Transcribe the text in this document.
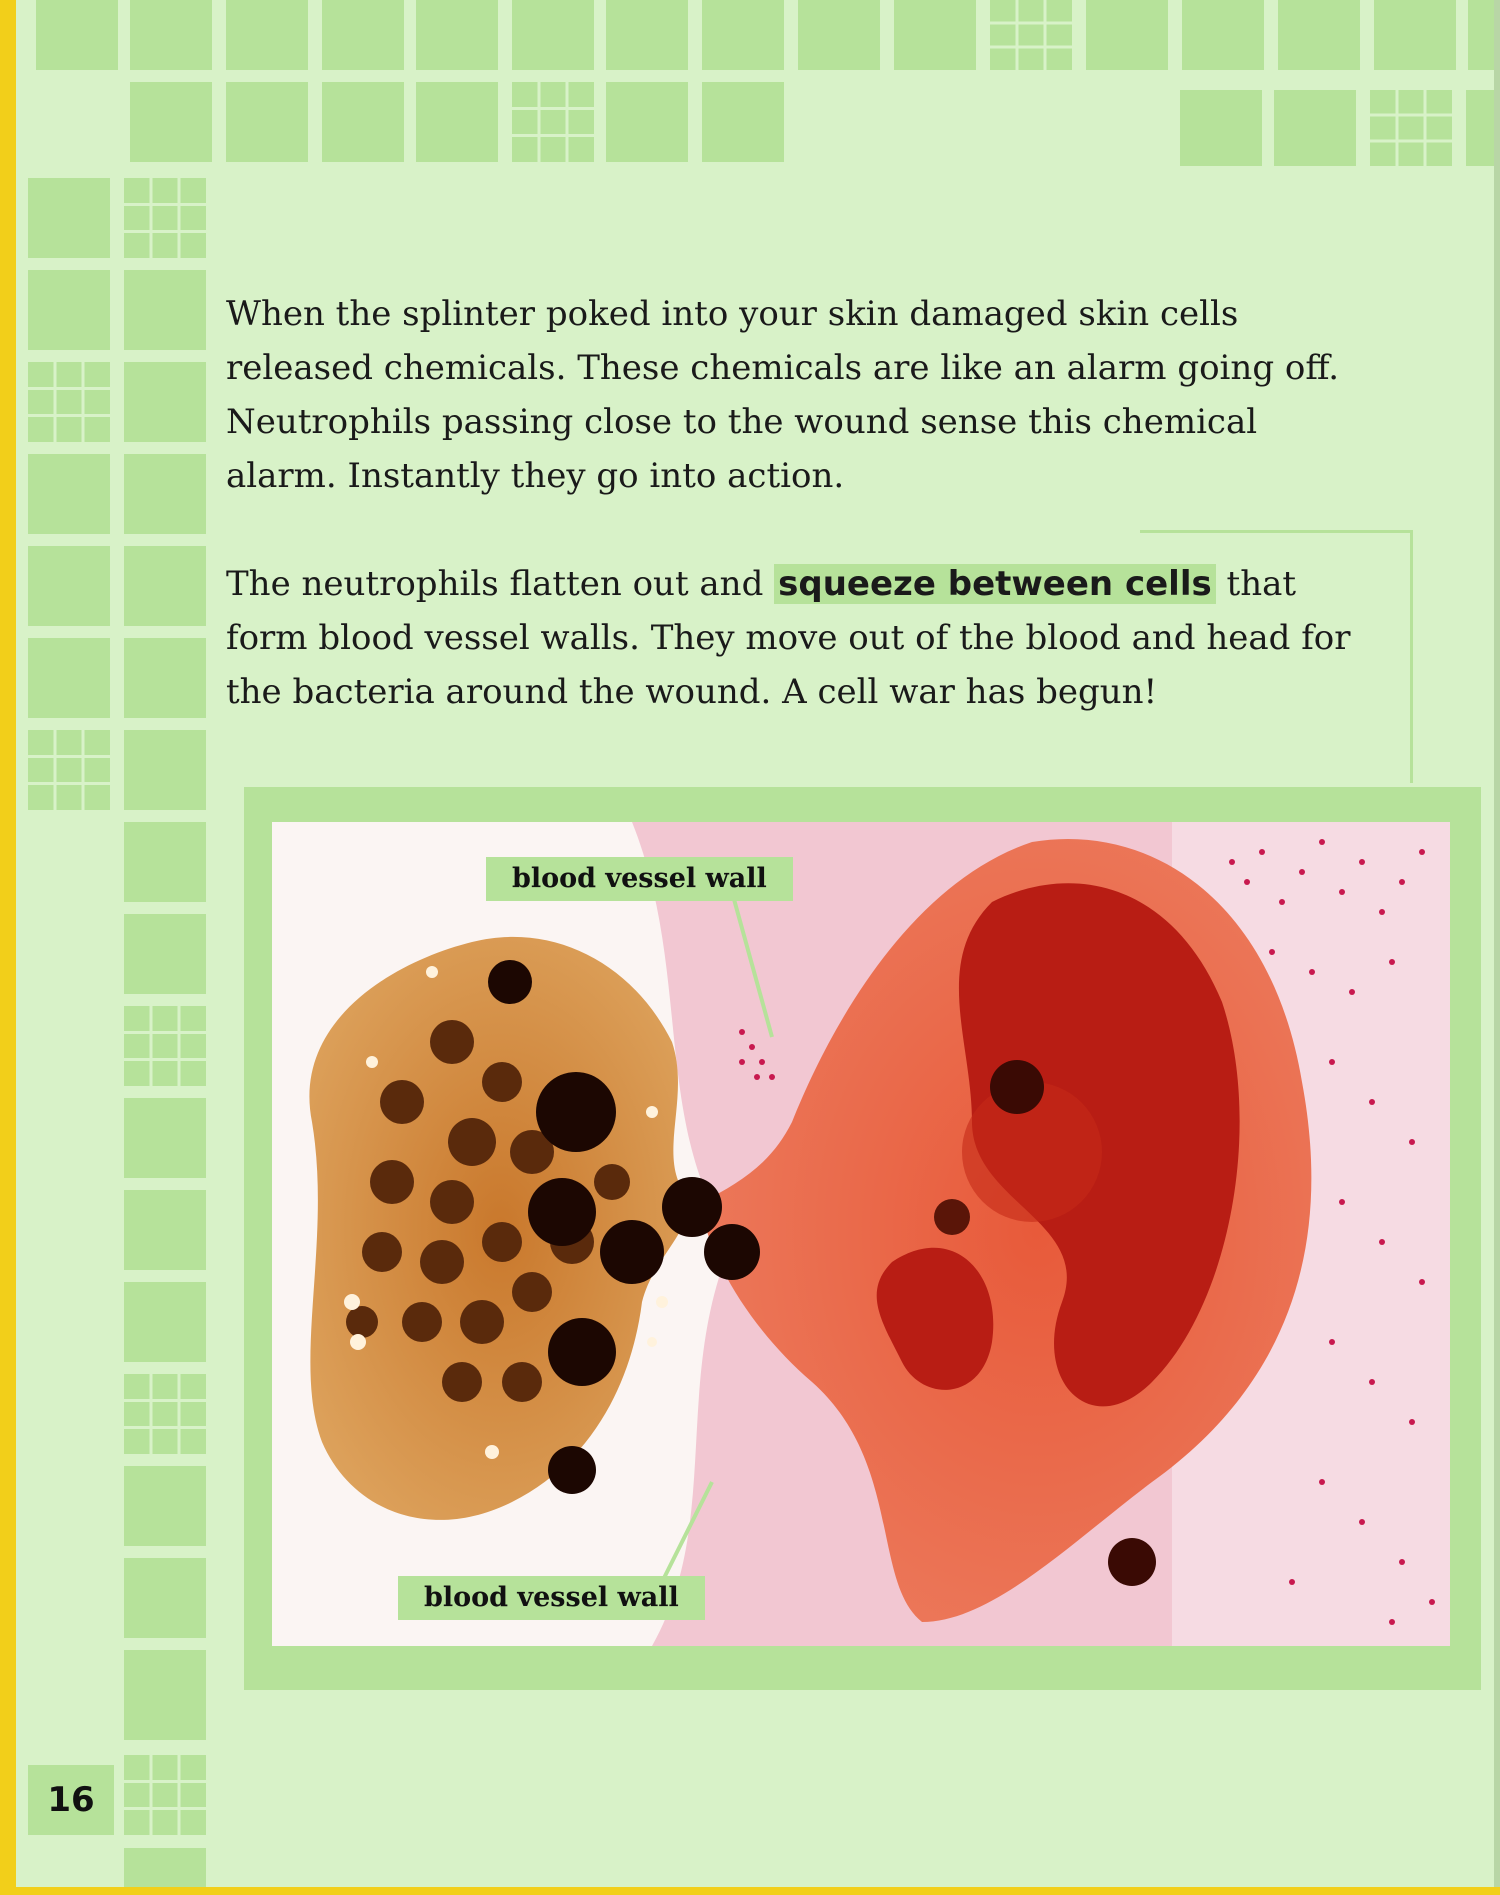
When the splinter poked into your skin damaged skin cells released chemicals. These chemicals are like an alarm going off. Neutrophils passing close to the wound sense this chemical alarm. Instantly they go into action.

The neutrophils flatten out and squeeze between cells that form blood vessel walls. They move out of the blood and head for the bacteria around the wound. A cell war has begun!

blood vessel wall
blood vessel wall
16
